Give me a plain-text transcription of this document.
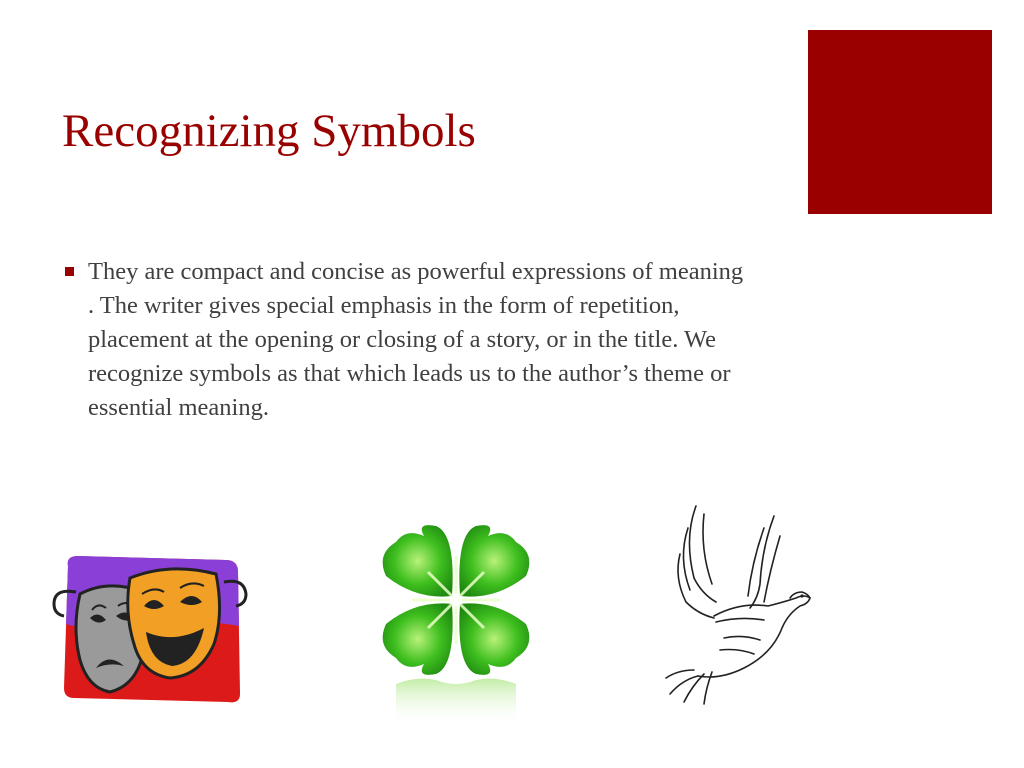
Recognizing Symbols
They are compact and concise as powerful expressions of meaning . The writer gives special emphasis in the form of repetition, placement at the opening or closing of a story, or in the title. We recognize symbols as that which leads us to the author’s theme or essential meaning.
